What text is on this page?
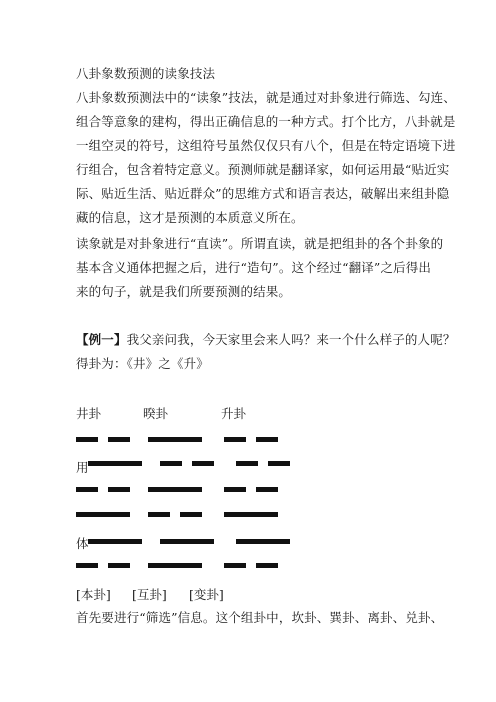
八卦象数预测的读象技法
八卦象数预测法中的“读象”技法，就是通过对卦象进行筛选、勾连、
组合等意象的建构，得出正确信息的一种方式。打个比方，八卦就是
一组空灵的符号，这组符号虽然仅仅只有八个，但是在特定语境下进
行组合，包含着特定意义。预测师就是翻译家，如何运用最“贴近实
际、贴近生活、贴近群众”的思维方式和语言表达，破解出来组卦隐
藏的信息，这才是预测的本质意义所在。
读象就是对卦象进行“直读”。所谓直读，就是把组卦的各个卦象的
基本含义通体把握之后，进行“造句”。这个经过“翻译”之后得出
来的句子，就是我们所要预测的结果。
【例一】我父亲问我，今天家里会来人吗？来一个什么样子的人呢？
得卦为：《井》之《升》
井卦	暌卦	升卦
用
体
[本卦] [互卦] [变卦]
首先要进行“筛选”信息。这个组卦中，坎卦、巽卦、离卦、兑卦、
